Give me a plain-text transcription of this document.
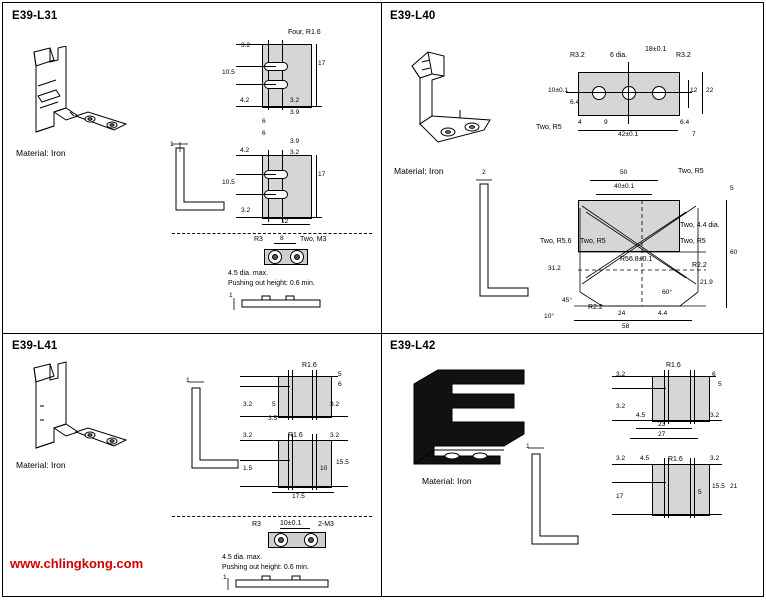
E39-L31
Material: Iron
1
Four, R1.6
3.2
17
10.5
4.2	3.2
3.9
6
6
3.9
4.2	3.2
10.5
17
3.2
12
8
R3	Two, M3
4.5 dia. max.
Pushing out height: 0.6 min.
1
E39-L40
Material: Iron
R3.2	6 dia.
18±0.1
R3.2
10±0.1
6.4
4	9	6.4
12 22
42±0.1	7
Two, R5
50
40±0.1
Two, R5
5
60
31.2
21.9
45°
60°
10°	24	4.4
58
Two, R5.6 Two, R5
Two, 4.4 dia.
Two, R5
R56.8±0.1
R2.2
R2.2
2
E39-L41
Material: Iron
1
R1.6
3.2	5	3.2
5
6
3.5
R1.6
3.2	3.2
1.5
15.5
10
17.5
R3	10±0.1 2-M3
4.5 dia. max.
Pushing out height: 0.6 min.
1
E39-L42
Material: Iron
1
R1.6
3.2
3.2
6
5
4.5	3.2
23
27
R1.6
4.5
3.2	3.2
17
15.5
5
21
www.chlingkong.com
